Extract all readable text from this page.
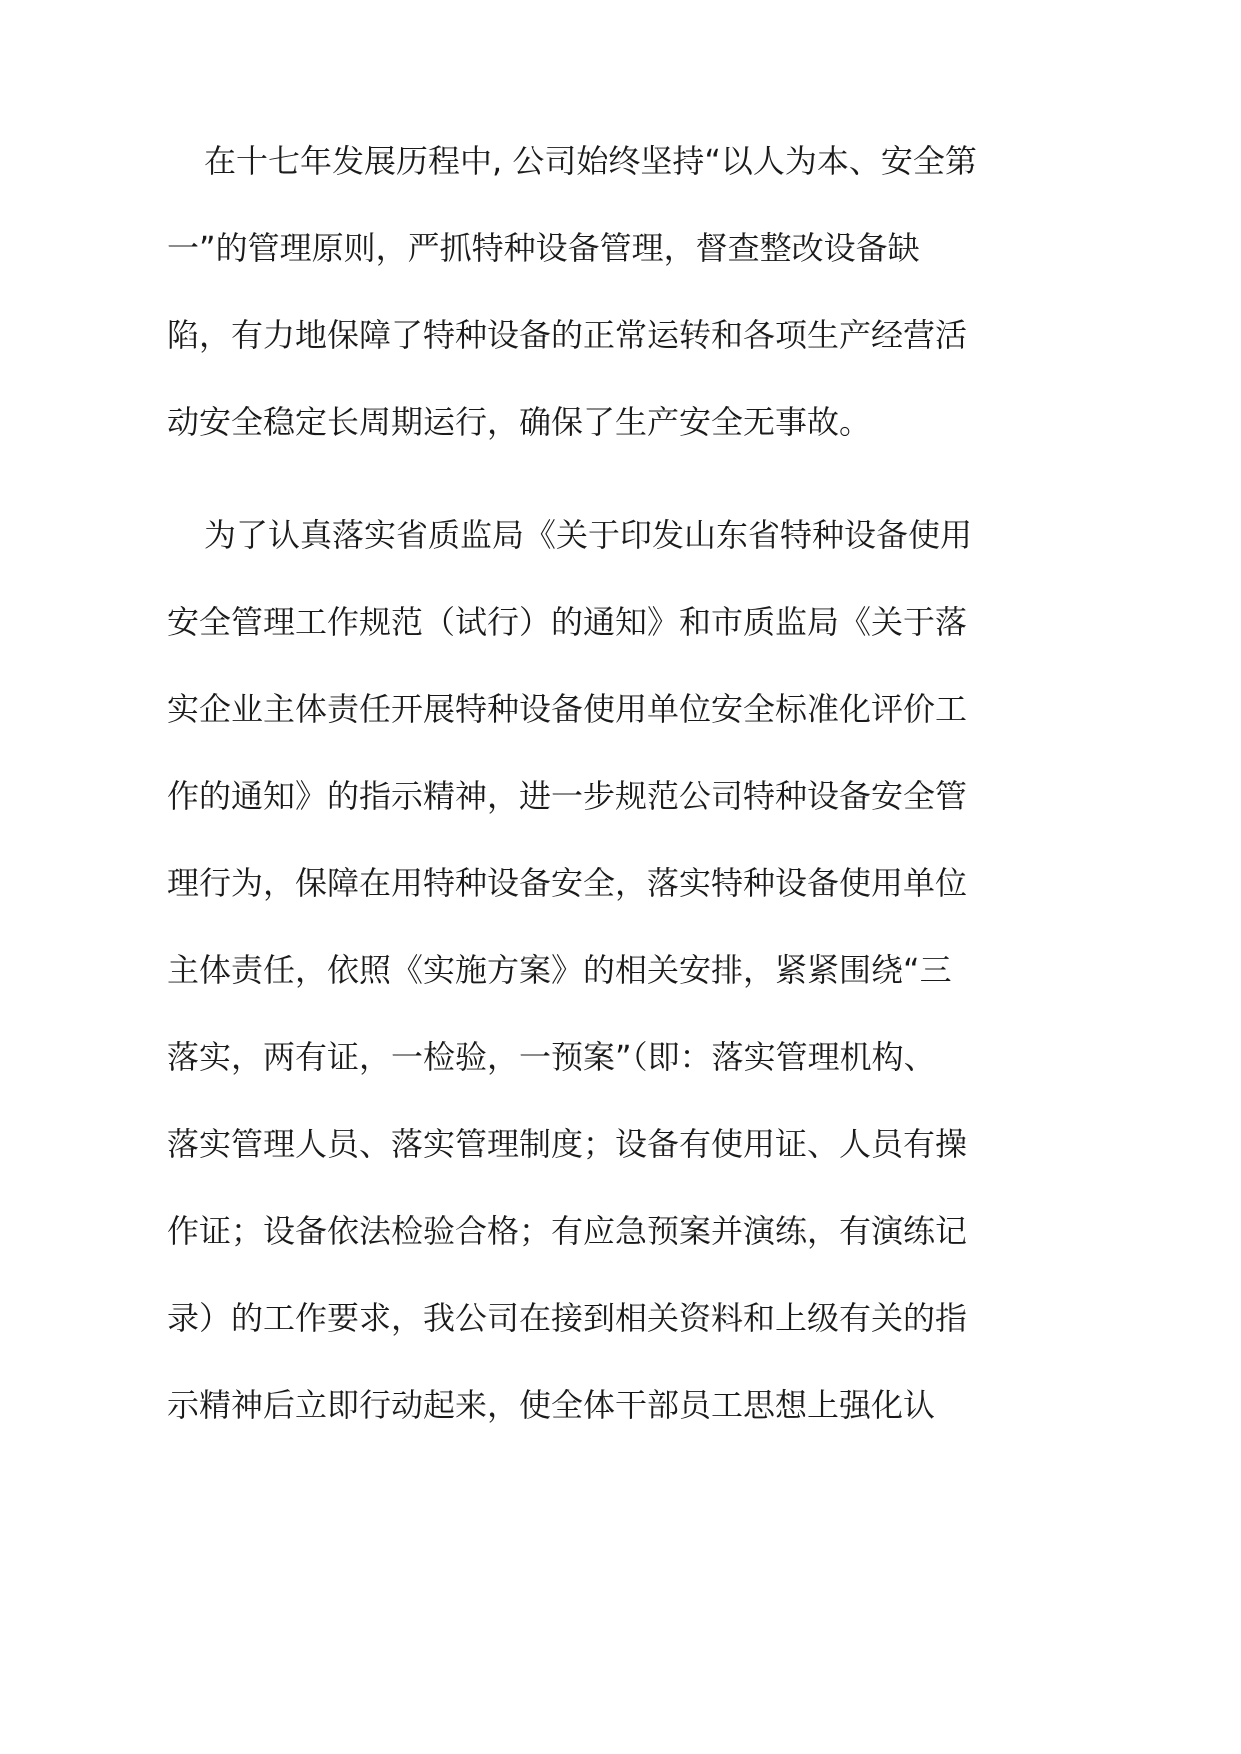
在十七年发展历程中, 公司始终坚持“以人为本、安全第
一”的管理原则，严抓特种设备管理，督查整改设备缺
陷，有力地保障了特种设备的正常运转和各项生产经营活
动安全稳定长周期运行，确保了生产安全无事故。
为了认真落实省质监局《关于印发山东省特种设备使用
安全管理工作规范（试行）的通知》和市质监局《关于落
实企业主体责任开展特种设备使用单位安全标准化评价工
作的通知》的指示精神，进一步规范公司特种设备安全管
理行为，保障在用特种设备安全，落实特种设备使用单位
主体责任，依照《实施方案》的相关安排，紧紧围绕“三
落实，两有证，一检验，一预案”（即：落实管理机构、
落实管理人员、落实管理制度；设备有使用证、人员有操
作证；设备依法检验合格；有应急预案并演练，有演练记
录）的工作要求，我公司在接到相关资料和上级有关的指
示精神后立即行动起来，使全体干部员工思想上强化认
